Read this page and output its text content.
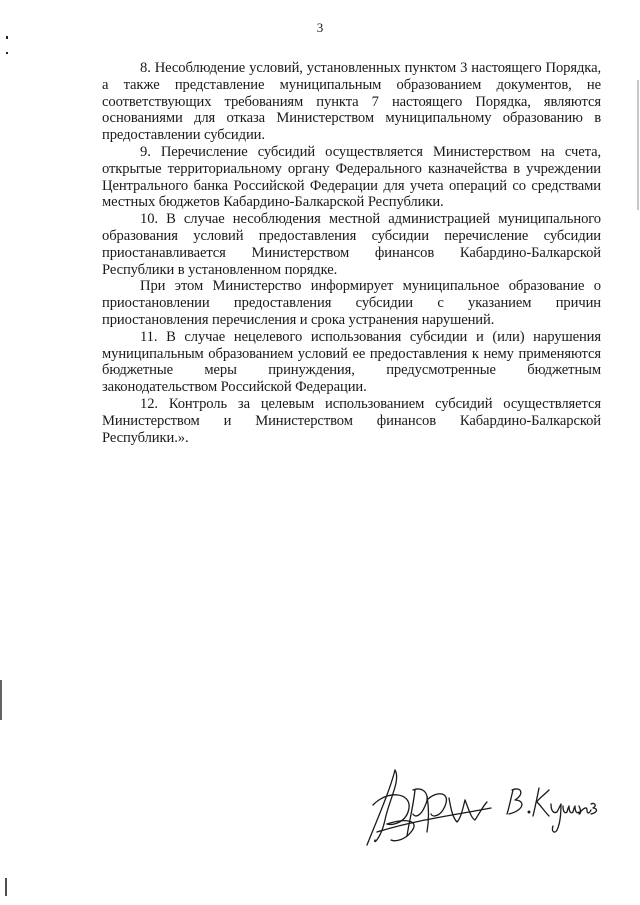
3

8. Несоблюдение условий, установленных пунктом 3 настоящего Порядка, а также представление муниципальным образованием документов, не соответствующих требованиям пункта 7 настоящего Порядка, являются основаниями для отказа Министерством муниципальному образованию в предоставлении субсидии.

9. Перечисление субсидий осуществляется Министерством на счета, открытые территориальному органу Федерального казначейства в учреждении Центрального банка Российской Федерации для учета операций со средствами местных бюджетов Кабардино-Балкарской Республики.

10. В случае несоблюдения местной администрацией муниципального образования условий предоставления субсидии перечисление субсидии приостанавливается Министерством финансов Кабардино-Балкарской Республики в установленном порядке.

При этом Министерство информирует муниципальное образование о приостановлении предоставления субсидии с указанием причин приостановления перечисления и срока устранения нарушений.

11. В случае нецелевого использования субсидии и (или) нарушения муниципальным образованием условий ее предоставления к нему применяются бюджетные меры принуждения, предусмотренные бюджетным законодательством Российской Федерации.

12. Контроль за целевым использованием субсидий осуществляется Министерством и Министерством финансов Кабардино-Балкарской Республики.».
